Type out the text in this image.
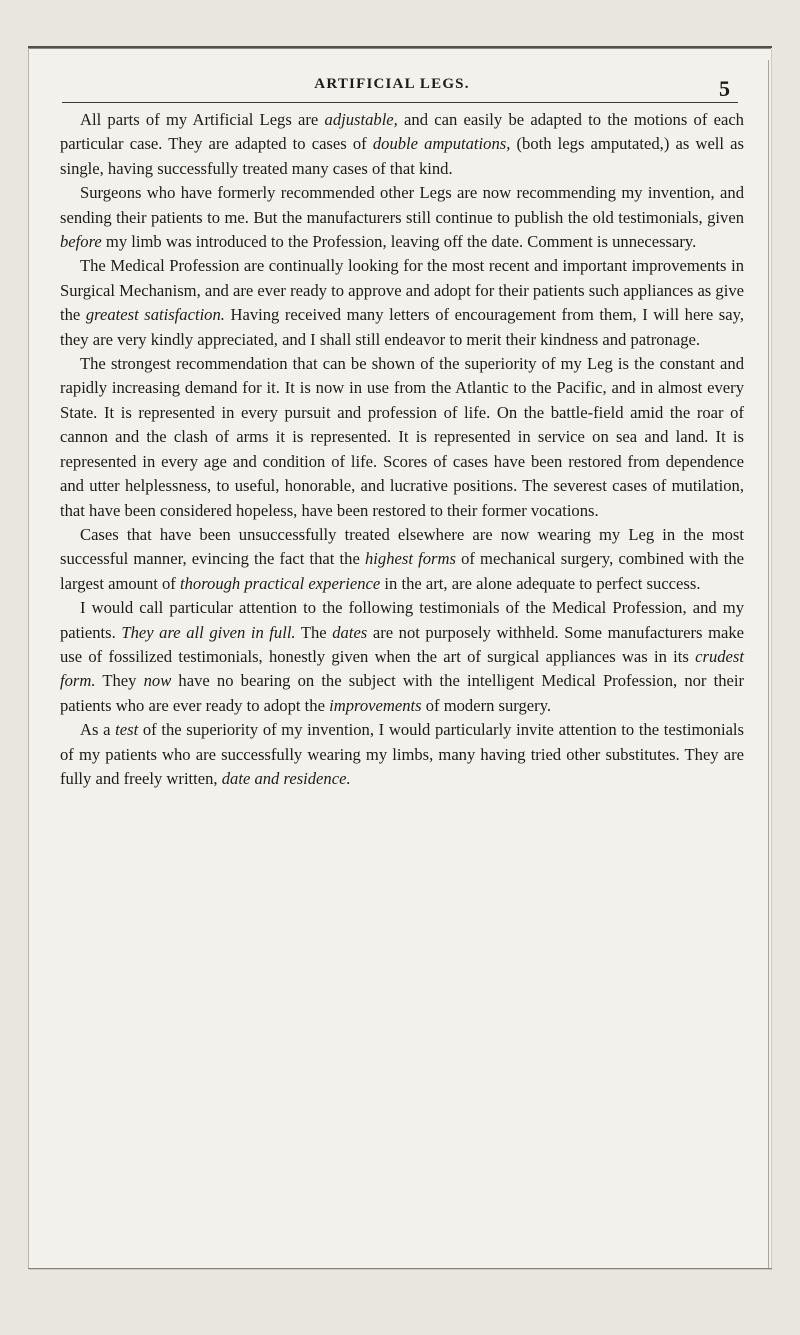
ARTIFICIAL LEGS.	5

All parts of my Artificial Legs are adjustable, and can easily be adapted to the motions of each particular case. They are adapted to cases of double amputations, (both legs amputated,) as well as single, having successfully treated many cases of that kind.

Surgeons who have formerly recommended other Legs are now recommending my invention, and sending their patients to me. But the manufacturers still continue to publish the old testimonials, given before my limb was introduced to the Profession, leaving off the date. Comment is unnecessary.

The Medical Profession are continually looking for the most recent and important improvements in Surgical Mechanism, and are ever ready to approve and adopt for their patients such appliances as give the greatest satisfaction. Having received many letters of encouragement from them, I will here say, they are very kindly appreciated, and I shall still endeavor to merit their kindness and patronage.

The strongest recommendation that can be shown of the superiority of my Leg is the constant and rapidly increasing demand for it. It is now in use from the Atlantic to the Pacific, and in almost every State. It is represented in every pursuit and profession of life. On the battle-field amid the roar of cannon and the clash of arms it is represented. It is represented in service on sea and land. It is represented in every age and condition of life. Scores of cases have been restored from dependence and utter helplessness, to useful, honorable, and lucrative positions. The severest cases of mutilation, that have been considered hopeless, have been restored to their former vocations.

Cases that have been unsuccessfully treated elsewhere are now wearing my Leg in the most successful manner, evincing the fact that the highest forms of mechanical surgery, combined with the largest amount of thorough practical experience in the art, are alone adequate to perfect success.

I would call particular attention to the following testimonials of the Medical Profession, and my patients. They are all given in full. The dates are not purposely withheld. Some manufacturers make use of fossilized testimonials, honestly given when the art of surgical appliances was in its crudest form. They now have no bearing on the subject with the intelligent Medical Profession, nor their patients who are ever ready to adopt the improvements of modern surgery.

As a test of the superiority of my invention, I would particularly invite attention to the testimonials of my patients who are successfully wearing my limbs, many having tried other substitutes. They are fully and freely written, date and residence.
